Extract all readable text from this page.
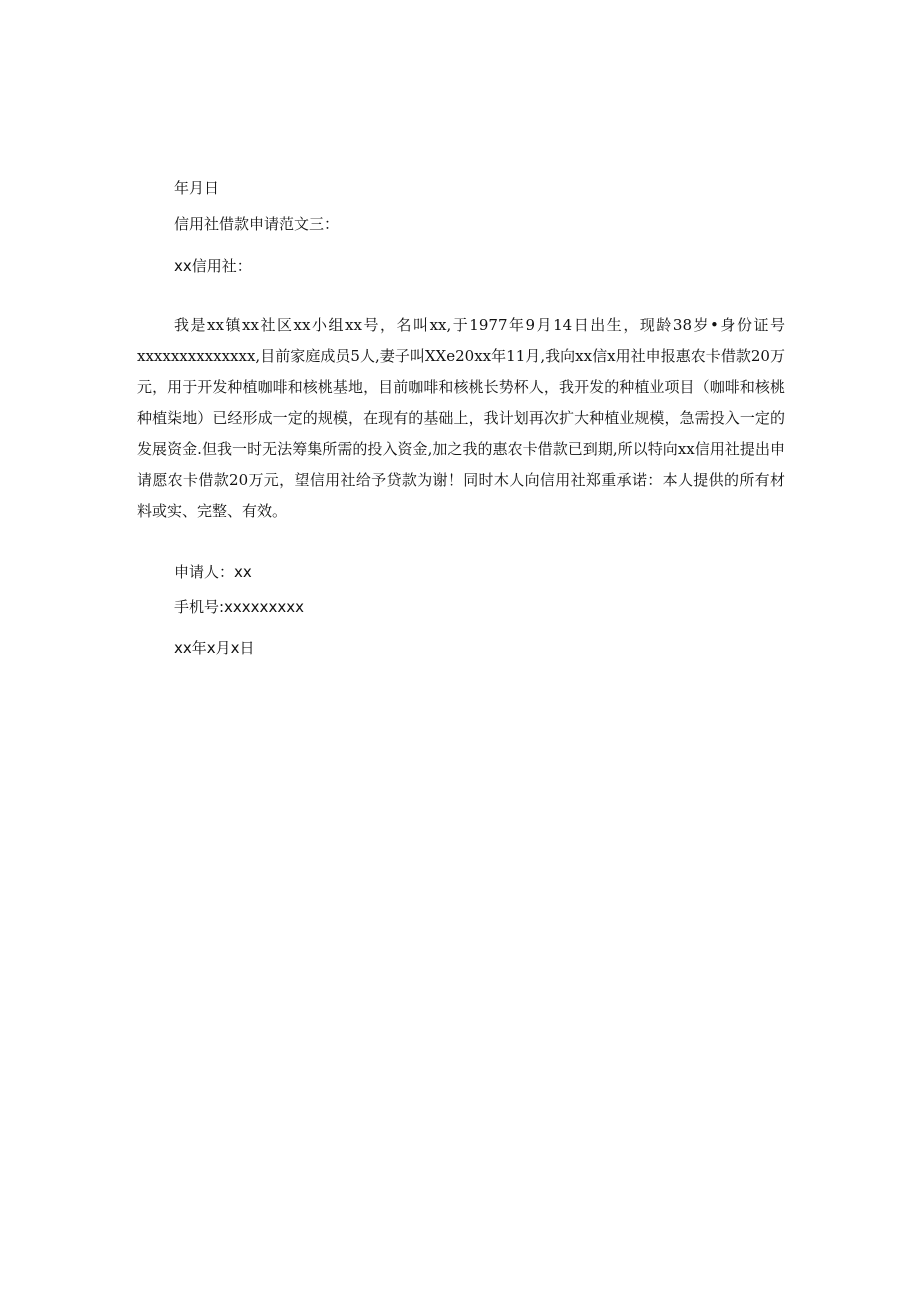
年月日
信用社借款申请范文三：
xx信用社：
我是xx镇xx社区xx小组xx号，名叫xx,于1977年9月14日出生，现龄38岁•身份证号xxxxxxxxxxxxxx,目前家庭成员5人,妻子叫XXe20xx年11月,我向xx信x用社申报惠农卡借款20万元，用于开发种植咖啡和核桃基地，目前咖啡和核桃长势杯人，我开发的种植业项目（咖啡和核桃种植柒地）已经形成一定的规模，在现有的基础上，我计划再次扩大种植业规模，急需投入一定的发展资金.但我一时无法筹集所需的投入资金,加之我的惠农卡借款已到期,所以特向xx信用社提出申请愿农卡借款20万元，望信用社给予贷款为谢！同时木人向信用社郑重承诺：本人提供的所有材料或实、完整、有效。
申请人：xx
手机号:xxxxxxxxx
xx年x月x日
